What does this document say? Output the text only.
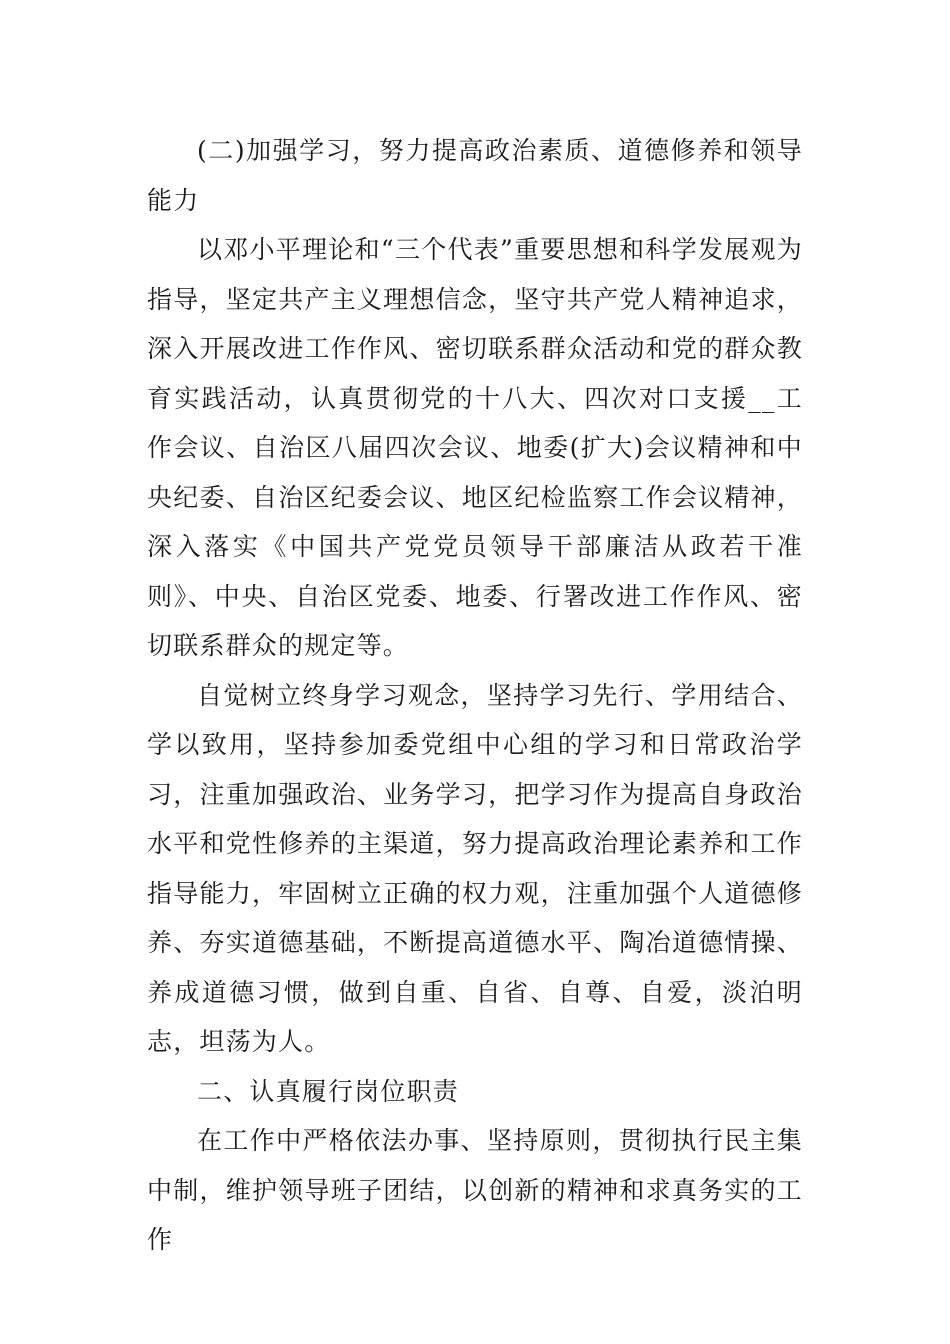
(二)加强学习，努力提高政治素质、道德修养和领导能力

以邓小平理论和“三个代表”重要思想和科学发展观为指导，坚定共产主义理想信念，坚守共产党人精神追求，深入开展改进工作作风、密切联系群众活动和党的群众教育实践活动，认真贯彻党的十八大、四次对口支援__工作会议、自治区八届四次会议、地委(扩大)会议精神和中央纪委、自治区纪委会议、地区纪检监察工作会议精神，深入落实《中国共产党党员领导干部廉洁从政若干准则》、中央、自治区党委、地委、行署改进工作作风、密切联系群众的规定等。

自觉树立终身学习观念，坚持学习先行、学用结合、学以致用，坚持参加委党组中心组的学习和日常政治学习，注重加强政治、业务学习，把学习作为提高自身政治水平和党性修养的主渠道，努力提高政治理论素养和工作指导能力，牢固树立正确的权力观，注重加强个人道德修养、夯实道德基础，不断提高道德水平、陶冶道德情操、养成道德习惯，做到自重、自省、自尊、自爱，淡泊明志，坦荡为人。

二、认真履行岗位职责

在工作中严格依法办事、坚持原则，贯彻执行民主集中制，维护领导班子团结，以创新的精神和求真务实的工作
